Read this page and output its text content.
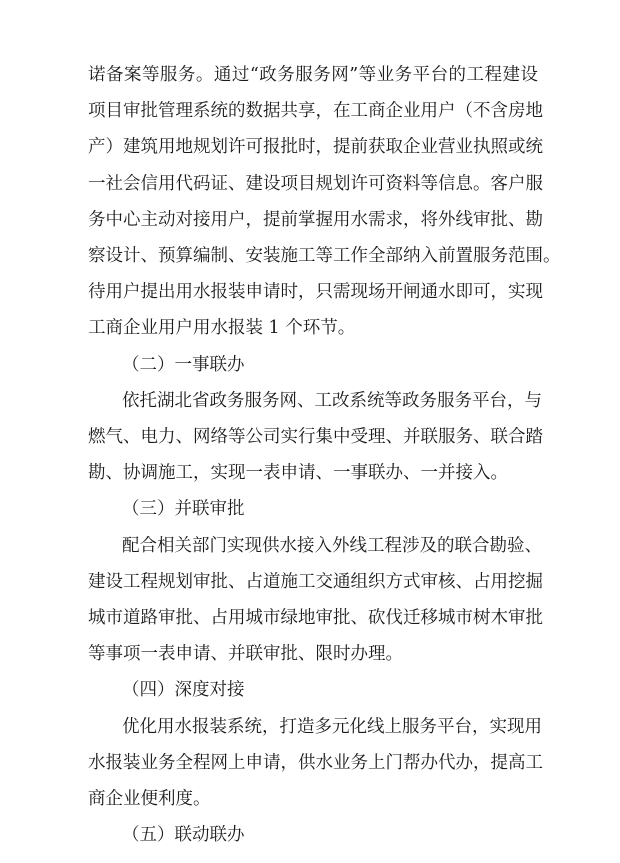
诺备案等服务。通过“政务服务网”等业务平台的工程建设
项目审批管理系统的数据共享，在工商企业用户（不含房地
产）建筑用地规划许可报批时，提前获取企业营业执照或统
一社会信用代码证、建设项目规划许可资料等信息。客户服
务中心主动对接用户，提前掌握用水需求，将外线审批、勘
察设计、预算编制、安装施工等工作全部纳入前置服务范围。
待用户提出用水报装申请时，只需现场开闸通水即可，实现
工商企业用户用水报装 1 个环节。
（二）一事联办
依托湖北省政务服务网、工改系统等政务服务平台，与
燃气、电力、网络等公司实行集中受理、并联服务、联合踏
勘、协调施工，实现一表申请、一事联办、一并接入。
（三）并联审批
配合相关部门实现供水接入外线工程涉及的联合勘验、
建设工程规划审批、占道施工交通组织方式审核、占用挖掘
城市道路审批、占用城市绿地审批、砍伐迁移城市树木审批
等事项一表申请、并联审批、限时办理。
（四）深度对接
优化用水报装系统，打造多元化线上服务平台，实现用
水报装业务全程网上申请，供水业务上门帮办代办，提高工
商企业便利度。
（五）联动联办
